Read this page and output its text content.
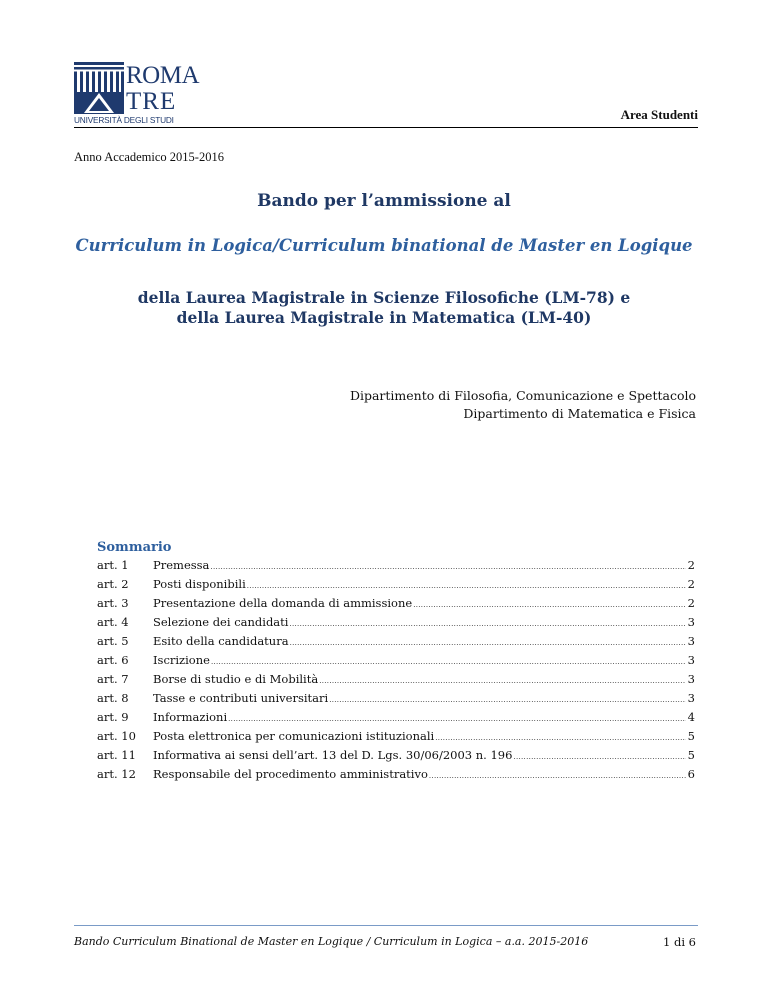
ROMA
TRE
UNIVERSITÀ DEGLI STUDI	Area Studenti
Anno Accademico 2015-2016
Bando per l’ammissione al
Curriculum in Logica/Curriculum binational de Master en Logique
della Laurea Magistrale in Scienze Filosofiche (LM-78) e
della Laurea Magistrale in Matematica (LM-40)
Dipartimento di Filosofia, Comunicazione e Spettacolo
Dipartimento di Matematica e Fisica
Sommario
art. 1	Premessa .....	2
art. 2	Posti disponibili .....	2
art. 3	Presentazione della domanda di ammissione .....	2
art. 4	Selezione dei candidati .....	3
art. 5	Esito della candidatura .....	3
art. 6	Iscrizione .....	3
art. 7	Borse di studio e di Mobilità .....	3
art. 8	Tasse e contributi universitari .....	3
art. 9	Informazioni .....	4
art. 10	Posta elettronica per comunicazioni istituzionali .....	5
art. 11	Informativa ai sensi dell’art. 13 del D. Lgs. 30/06/2003 n. 196 .....	5
art. 12	Responsabile del procedimento amministrativo .....	6
Bando Curriculum Binational de Master en Logique / Curriculum in Logica – a.a. 2015-2016	1 di 6
